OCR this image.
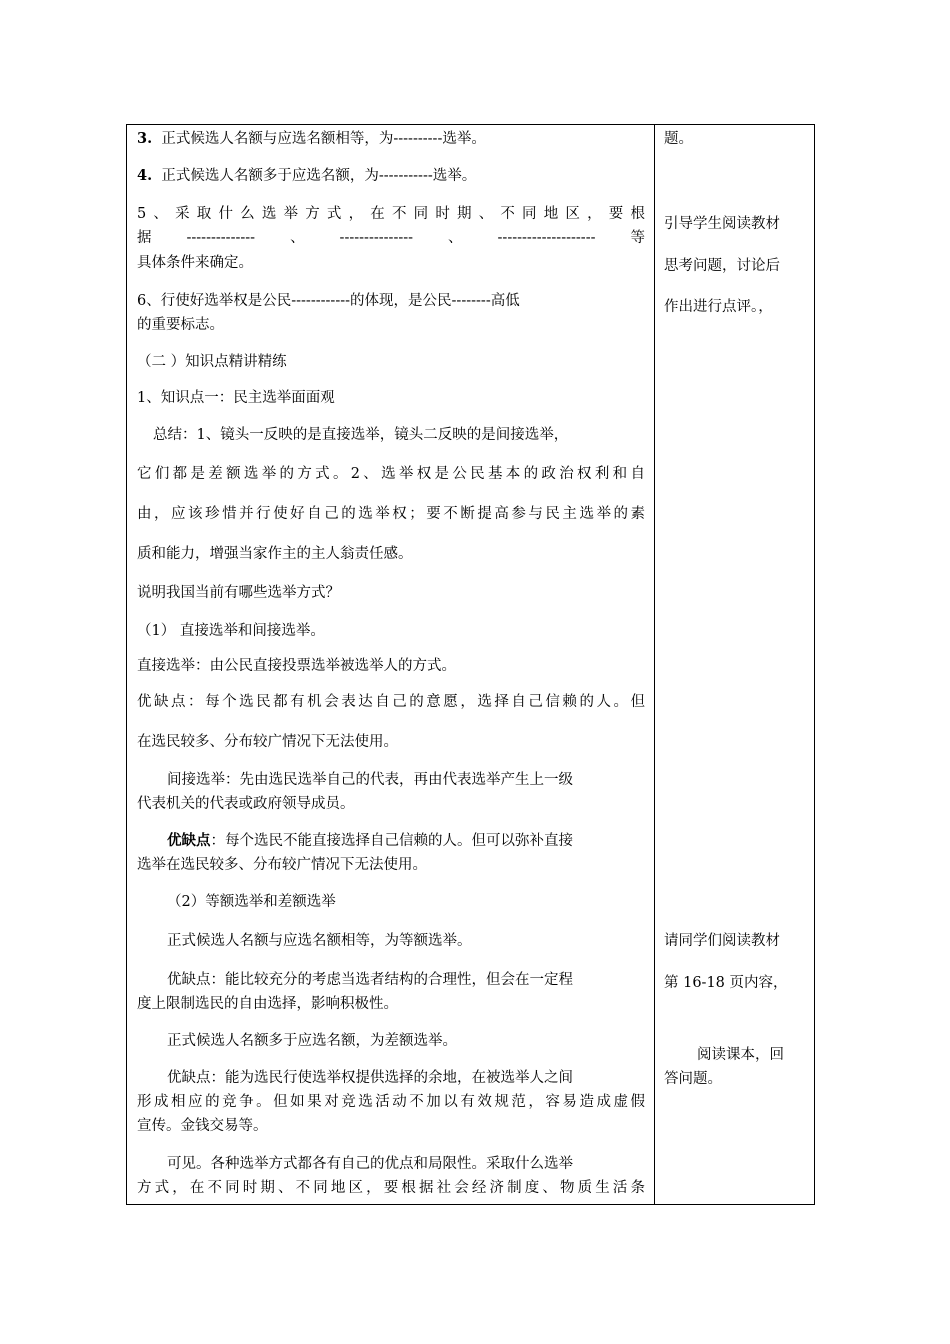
3. 正式候选人名额与应选名额相等，为----------选举。
4. 正式候选人名额多于应选名额，为-----------选举。
5、采取什么选举方式，在不同时期、不同地区，要根
据--------------、---------------、--------------------等
具体条件来确定。
6、行使好选举权是公民------------的体现，是公民--------高低
的重要标志。
（二 ）知识点精讲精练
1、知识点一：民主选举面面观
总结：1、镜头一反映的是直接选举，镜头二反映的是间接选举，
它们都是差额选举的方式。2、选举权是公民基本的政治权利和自
由，应该珍惜并行使好自己的选举权；要不断提高参与民主选举的素
质和能力，增强当家作主的主人翁责任感。
说明我国当前有哪些选举方式？
（1） 直接选举和间接选举。
直接选举：由公民直接投票选举被选举人的方式。
优缺点：每个选民都有机会表达自己的意愿，选择自己信赖的人。但
在选民较多、分布较广情况下无法使用。
间接选举：先由选民选举自己的代表，再由代表选举产生上一级
代表机关的代表或政府领导成员。
优缺点：每个选民不能直接选择自己信赖的人。但可以弥补直接
选举在选民较多、分布较广情况下无法使用。
（2）等额选举和差额选举
正式候选人名额与应选名额相等，为等额选举。
优缺点：能比较充分的考虑当选者结构的合理性，但会在一定程
度上限制选民的自由选择，影响积极性。
正式候选人名额多于应选名额，为差额选举。
优缺点：能为选民行使选举权提供选择的余地，在被选举人之间
形成相应的竞争。但如果对竞选活动不加以有效规范，容易造成虚假
宣传。金钱交易等。
可见。各种选举方式都各有自己的优点和局限性。采取什么选举
方式，在不同时期、不同地区，要根据社会经济制度、物质生活条
题。
引导学生阅读教材
思考问题，讨论后
作出进行点评。，
请同学们阅读教材
第 16-18 页内容，
阅读课本，回
答问题。
